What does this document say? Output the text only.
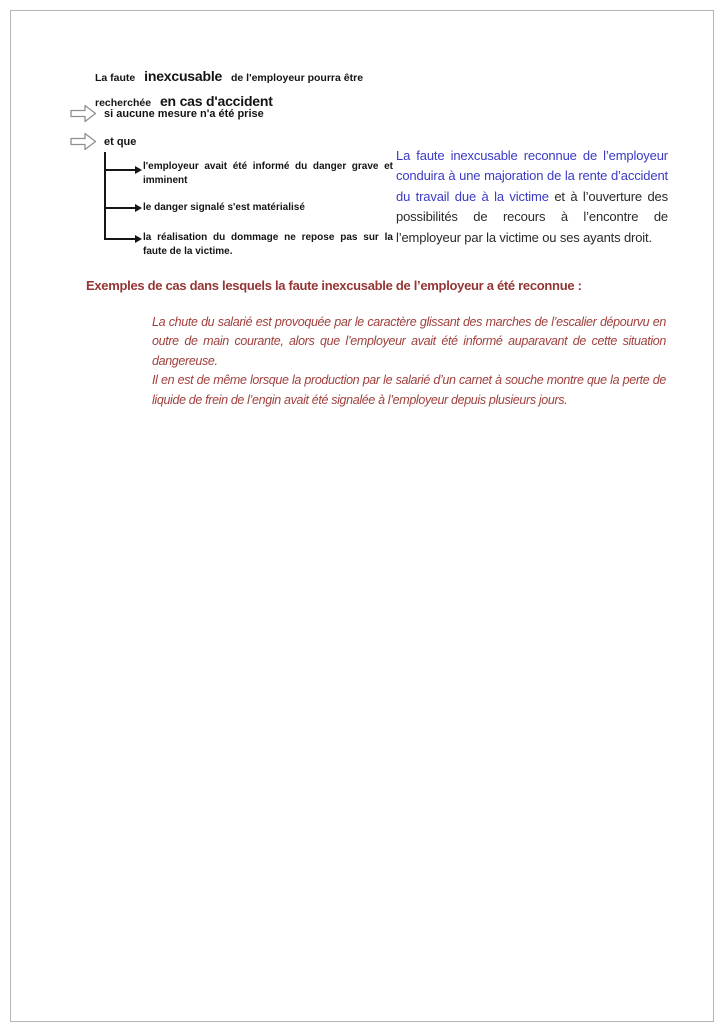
La faute inexcusable de l'employeur pourra être recherchée en cas d'accident
si aucune mesure n'a été prise
et que
l'employeur avait été informé du danger grave et imminent
le danger signalé s'est matérialisé
la réalisation du dommage ne repose pas sur la faute de la victime.
La faute inexcusable reconnue de l’employeur conduira à une majoration de la rente d’accident du travail due à la victime et à l’ouverture des possibilités de recours à l’encontre de l’employeur par la victime ou ses ayants droit.
Exemples de cas dans lesquels la faute inexcusable de l’employeur a été reconnue :
La chute du salarié est provoquée par le caractère glissant des marches de l’escalier dépourvu en outre de main courante, alors que l’employeur avait été informé auparavant de cette situation dangereuse.
Il en est de même lorsque la production par le salarié d’un carnet à souche montre que la perte de liquide de frein de l’engin avait été signalée à l’employeur depuis plusieurs jours.
